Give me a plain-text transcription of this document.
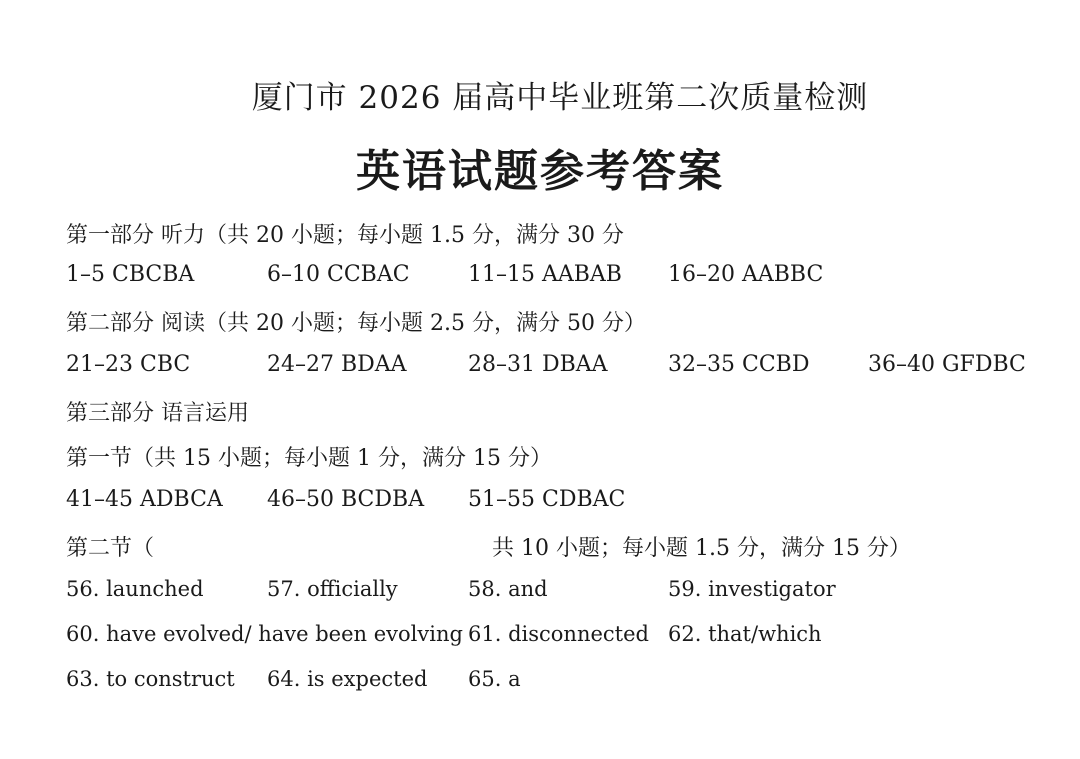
厦门市 2026 届高中毕业班第二次质量检测
英语试题参考答案
第一部分 听力（共 20 小题；每小题 1.5 分，满分 30 分
1–5 CBCBA	6–10 CCBAC	11–15 AABAB 16–20 AABBC
第二部分 阅读（共 20 小题；每小题 2.5 分，满分 50 分）
21–23 CBC	24–27 BDAA	28–31 DBAA	32–35 CCBD	36–40 GFDBC
第三部分 语言运用
第一节（共 15 小题；每小题 1 分，满分 15 分）
41–45 ADBCA 46–50 BCDBA 51–55 CDBAC
第二节（	共 10 小题；每小题 1.5 分，满分 15 分）
56. launched	57. officially	58. and	59. investigator
60. have evolved/ have been evolving 61. disconnected 62. that/which
63. to construct 64. is expected 65. a
